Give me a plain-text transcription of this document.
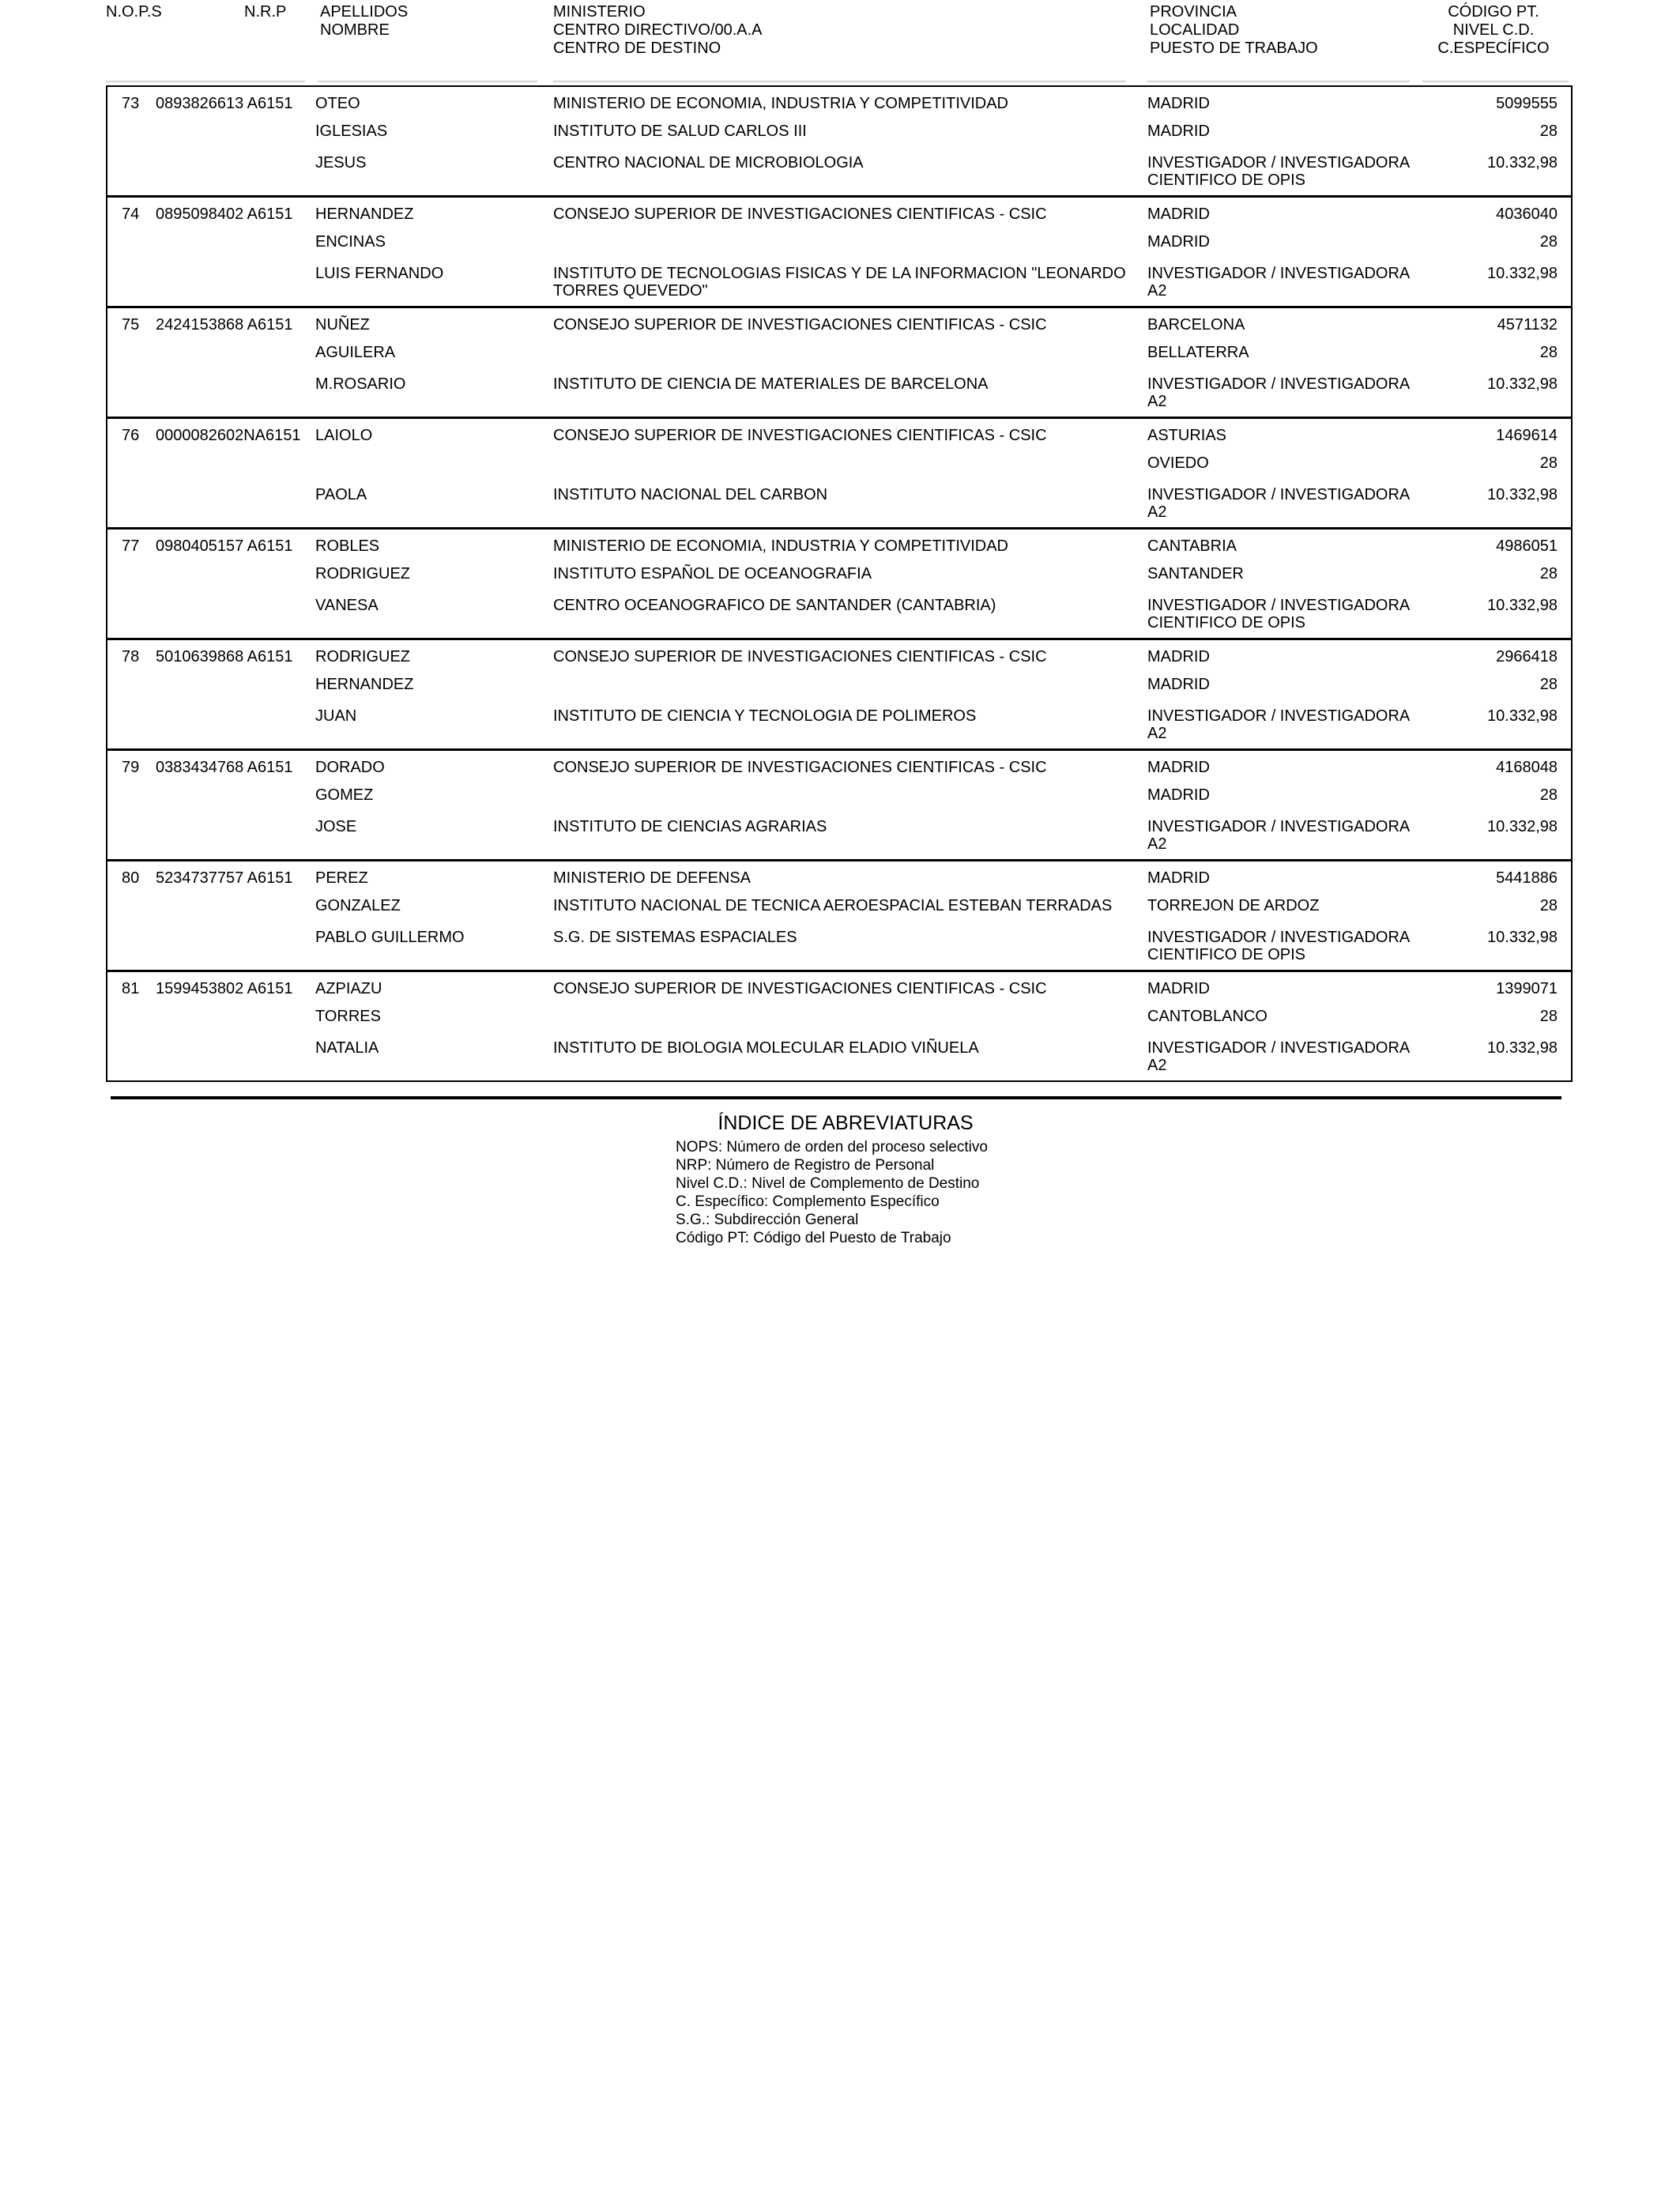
N.O.P.S	N.R.P APELLIDOS
NOMBRE
MINISTERIO
CENTRO DIRECTIVO/00.A.A
CENTRO DE DESTINO
PROVINCIA
LOCALIDAD
PUESTO DE TRABAJO
CÓDIGO PT.
NIVEL C.D.
C.ESPECÍFICO
73 0893826613 A6151 OTEO
IGLESIAS
JESUS
MINISTERIO DE ECONOMIA, INDUSTRIA Y COMPETITIVIDAD
INSTITUTO DE SALUD CARLOS III
CENTRO NACIONAL DE MICROBIOLOGIA
MADRID
MADRID
INVESTIGADOR / INVESTIGADORA
CIENTIFICO DE OPIS
5099555
28
10.332,98
74 0895098402 A6151 HERNANDEZ
ENCINAS
LUIS FERNANDO
CONSEJO SUPERIOR DE INVESTIGACIONES CIENTIFICAS - CSIC
INSTITUTO DE TECNOLOGIAS FISICAS Y DE LA INFORMACION "LEONARDO
TORRES QUEVEDO"
MADRID
MADRID
INVESTIGADOR / INVESTIGADORA
A2
4036040
28
10.332,98
75 2424153868 A6151 NUÑEZ
AGUILERA
M.ROSARIO
CONSEJO SUPERIOR DE INVESTIGACIONES CIENTIFICAS - CSIC
INSTITUTO DE CIENCIA DE MATERIALES DE BARCELONA
BARCELONA
BELLATERRA
INVESTIGADOR / INVESTIGADORA
A2
4571132
28
10.332,98
76 0000082602NA6151 LAIOLO
PAOLA
CONSEJO SUPERIOR DE INVESTIGACIONES CIENTIFICAS - CSIC
INSTITUTO NACIONAL DEL CARBON
ASTURIAS
OVIEDO
INVESTIGADOR / INVESTIGADORA
A2
1469614
28
10.332,98
77 0980405157 A6151 ROBLES
RODRIGUEZ
VANESA
MINISTERIO DE ECONOMIA, INDUSTRIA Y COMPETITIVIDAD
INSTITUTO ESPAÑOL DE OCEANOGRAFIA
CENTRO OCEANOGRAFICO DE SANTANDER (CANTABRIA)
CANTABRIA
SANTANDER
INVESTIGADOR / INVESTIGADORA
CIENTIFICO DE OPIS
4986051
28
10.332,98
78 5010639868 A6151 RODRIGUEZ
HERNANDEZ
JUAN
CONSEJO SUPERIOR DE INVESTIGACIONES CIENTIFICAS - CSIC
INSTITUTO DE CIENCIA Y TECNOLOGIA DE POLIMEROS
MADRID
MADRID
INVESTIGADOR / INVESTIGADORA
A2
2966418
28
10.332,98
79 0383434768 A6151 DORADO
GOMEZ
JOSE
CONSEJO SUPERIOR DE INVESTIGACIONES CIENTIFICAS - CSIC
INSTITUTO DE CIENCIAS AGRARIAS
MADRID
MADRID
INVESTIGADOR / INVESTIGADORA
A2
4168048
28
10.332,98
80 5234737757 A6151 PEREZ
GONZALEZ
PABLO GUILLERMO
MINISTERIO DE DEFENSA
INSTITUTO NACIONAL DE TECNICA AEROESPACIAL ESTEBAN TERRADAS
S.G. DE SISTEMAS ESPACIALES
MADRID
TORREJON DE ARDOZ
INVESTIGADOR / INVESTIGADORA
CIENTIFICO DE OPIS
5441886
28
10.332,98
81 1599453802 A6151 AZPIAZU
TORRES
NATALIA
CONSEJO SUPERIOR DE INVESTIGACIONES CIENTIFICAS - CSIC
INSTITUTO DE BIOLOGIA MOLECULAR ELADIO VIÑUELA
MADRID
CANTOBLANCO
INVESTIGADOR / INVESTIGADORA
A2
1399071
28
10.332,98
ÍNDICE DE ABREVIATURAS
NOPS: Número de orden del proceso selectivo
NRP: Número de Registro de Personal
Nivel C.D.: Nivel de Complemento de Destino
C. Específico: Complemento Específico
S.G.: Subdirección General
Código PT: Código del Puesto de Trabajo
